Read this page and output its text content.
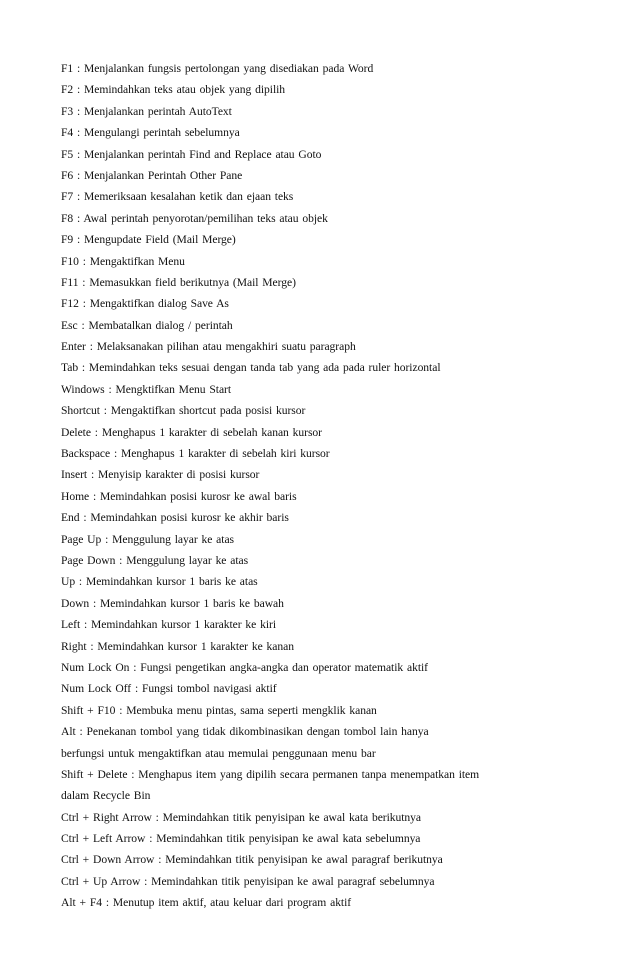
F1 : Menjalankan fungsis pertolongan yang disediakan pada Word
F2 : Memindahkan teks atau objek yang dipilih
F3 : Menjalankan perintah AutoText
F4 : Mengulangi perintah sebelumnya
F5 : Menjalankan perintah Find and Replace atau Goto
F6 : Menjalankan Perintah Other Pane
F7 : Memeriksaan kesalahan ketik dan ejaan teks
F8 : Awal perintah penyorotan/pemilihan teks atau objek
F9 : Mengupdate Field (Mail Merge)
F10 : Mengaktifkan Menu
F11 : Memasukkan field berikutnya (Mail Merge)
F12 : Mengaktifkan dialog Save As
Esc : Membatalkan dialog / perintah
Enter : Melaksanakan pilihan atau mengakhiri suatu paragraph
Tab : Memindahkan teks sesuai dengan tanda tab yang ada pada ruler horizontal
Windows : Mengktifkan Menu Start
Shortcut : Mengaktifkan shortcut pada posisi kursor
Delete : Menghapus 1 karakter di sebelah kanan kursor
Backspace : Menghapus 1 karakter di sebelah kiri kursor
Insert : Menyisip karakter di posisi kursor
Home : Memindahkan posisi kurosr ke awal baris
End : Memindahkan posisi kurosr ke akhir baris
Page Up : Menggulung layar ke atas
Page Down : Menggulung layar ke atas
Up : Memindahkan kursor 1 baris ke atas
Down : Memindahkan kursor 1 baris ke bawah
Left : Memindahkan kursor 1 karakter ke kiri
Right : Memindahkan kursor 1 karakter ke kanan
Num Lock On : Fungsi pengetikan angka-angka dan operator matematik aktif
Num Lock Off : Fungsi tombol navigasi aktif
Shift + F10 : Membuka menu pintas, sama seperti mengklik kanan
Alt : Penekanan tombol yang tidak dikombinasikan dengan tombol lain hanya
berfungsi untuk mengaktifkan atau memulai penggunaan menu bar
Shift + Delete : Menghapus item yang dipilih secara permanen tanpa menempatkan item
dalam Recycle Bin
Ctrl + Right Arrow : Memindahkan titik penyisipan ke awal kata berikutnya
Ctrl + Left Arrow : Memindahkan titik penyisipan ke awal kata sebelumnya
Ctrl + Down Arrow : Memindahkan titik penyisipan ke awal paragraf berikutnya
Ctrl + Up Arrow : Memindahkan titik penyisipan ke awal paragraf sebelumnya
Alt + F4 : Menutup item aktif, atau keluar dari program aktif
